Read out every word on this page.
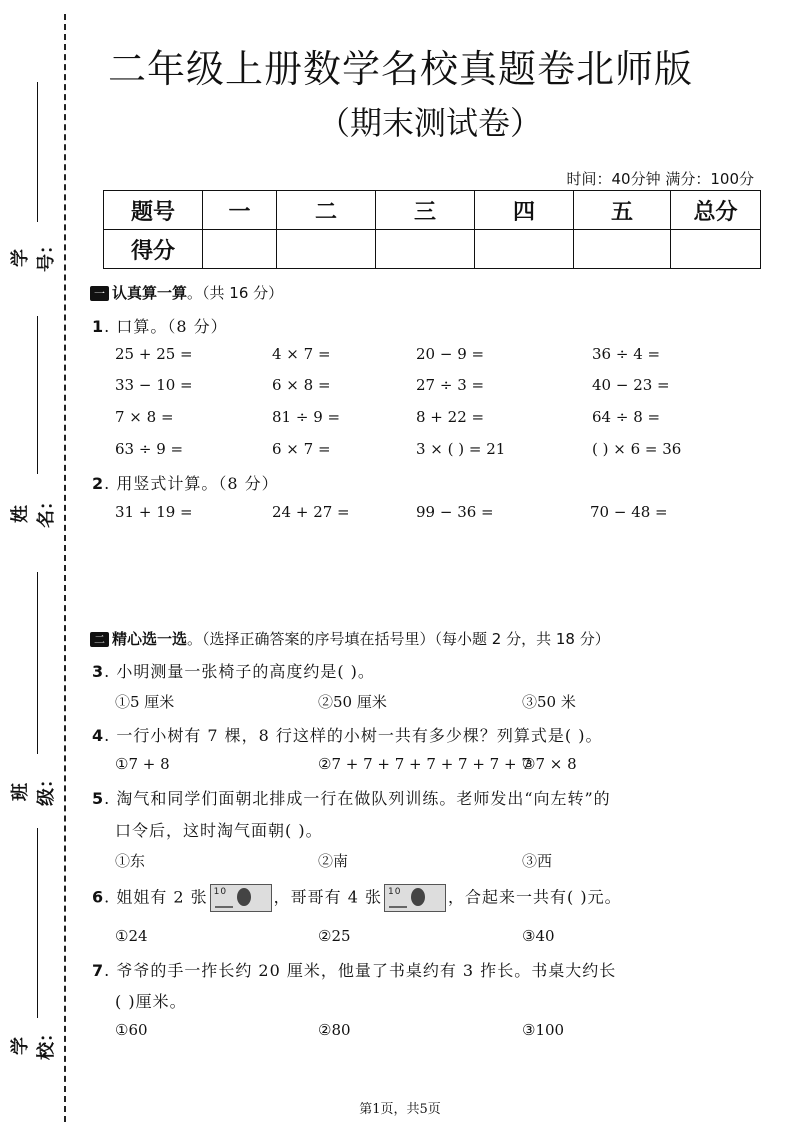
学号：
姓名：
班级：
学校：
二年级上册数学名校真题卷北师版
（期末测试卷）
时间：40分钟 满分：100分
题号	一	二	三	四	五	总分
得分						
一 认真算一算。（共 16 分）
1. 口算。（8 分）
25 + 25 =	4 × 7 =	20 − 9 =	36 ÷ 4 =
33 − 10 =	6 × 8 =	27 ÷ 3 =	40 − 23 =
7 × 8 =	81 ÷ 9 =	8 + 22 =	64 ÷ 8 =
63 ÷ 9 =	6 × 7 =	3 × ( ) = 21	( ) × 6 = 36
2. 用竖式计算。（8 分）
31 + 19 =	24 + 27 =	99 − 36 =	70 − 48 =
二 精心选一选。（选择正确答案的序号填在括号里）（每小题 2 分，共 18 分）
3. 小明测量一张椅子的高度约是( )。
①5 厘米	②50 厘米	③50 米
4. 一行小树有 7 棵，8 行这样的小树一共有多少棵？列算式是( )。
①7 + 8	②7 + 7 + 7 + 7 + 7 + 7 + 7
③7 × 8
5. 淘气和同学们面朝北排成一行在做队列训练。老师发出“向左转”的
口令后，这时淘气面朝( )。
①东	②南	③西
6. 姐姐有 2 张 10	，哥哥有 4 张 10	，合起来一共有( )元。
①24	②25	③40
7. 爷爷的手一拃长约 20 厘米，他量了书桌约有 3 拃长。书桌大约长
( )厘米。
①60	②80	③100
第1页，共5页
